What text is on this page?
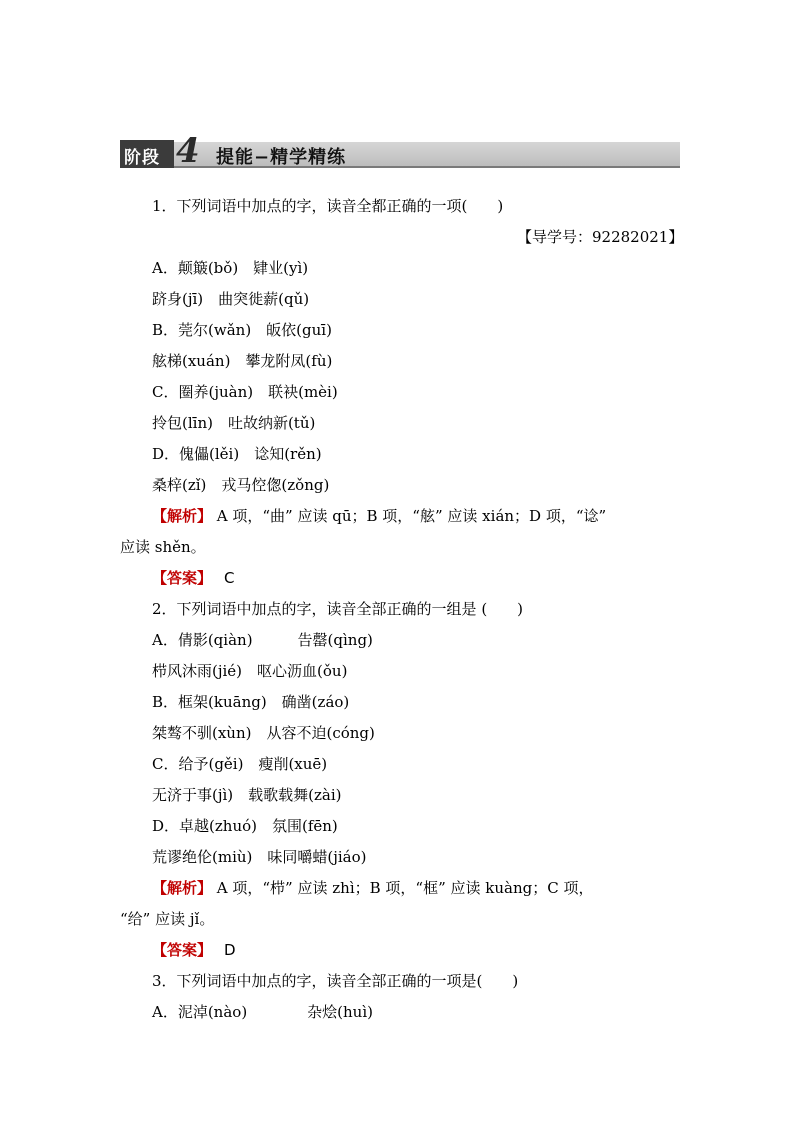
阶段 4 提能−精学精练
1．下列词语中加点的字，读音全都正确的一项(　　)
【导学号：92282021】
A．颠簸(bǒ)　肄业(yì)
跻身(jī)　曲突徙薪(qǔ)
B．莞尔(wǎn)　皈依(guī)
舷梯(xuán)　攀龙附凤(fù)
C．圈养(juàn)　联袂(mèi)
拎包(līn)　吐故纳新(tǔ)
D．傀儡(lěi)　谂知(rěn)
桑梓(zǐ)　戎马倥偬(zǒng)
【解析】 A 项，“曲” 应读 qū；B 项，“舷” 应读 xián；D 项，“谂”
应读 shěn。
【答案】 C
2．下列词语中加点的字，读音全部正确的一组是 (　　)
A．倩影(qiàn)　　　告罄(qìng)
栉风沐雨(jié)　呕心沥血(ǒu)
B．框架(kuāng)　确凿(záo)
桀骜不驯(xùn)　从容不迫(cóng)
C．给予(gěi)　瘦削(xuē)
无济于事(jì)　载歌载舞(zài)
D．卓越(zhuó)　氛围(fēn)
荒谬绝伦(miù)　味同嚼蜡(jiáo)
【解析】 A 项，“栉” 应读 zhì；B 项，“框” 应读 kuàng；C 项，
“给” 应读 jǐ。
【答案】 D
3．下列词语中加点的字，读音全部正确的一项是(　　)
A．泥淖(nào)　　　　杂烩(huì)
